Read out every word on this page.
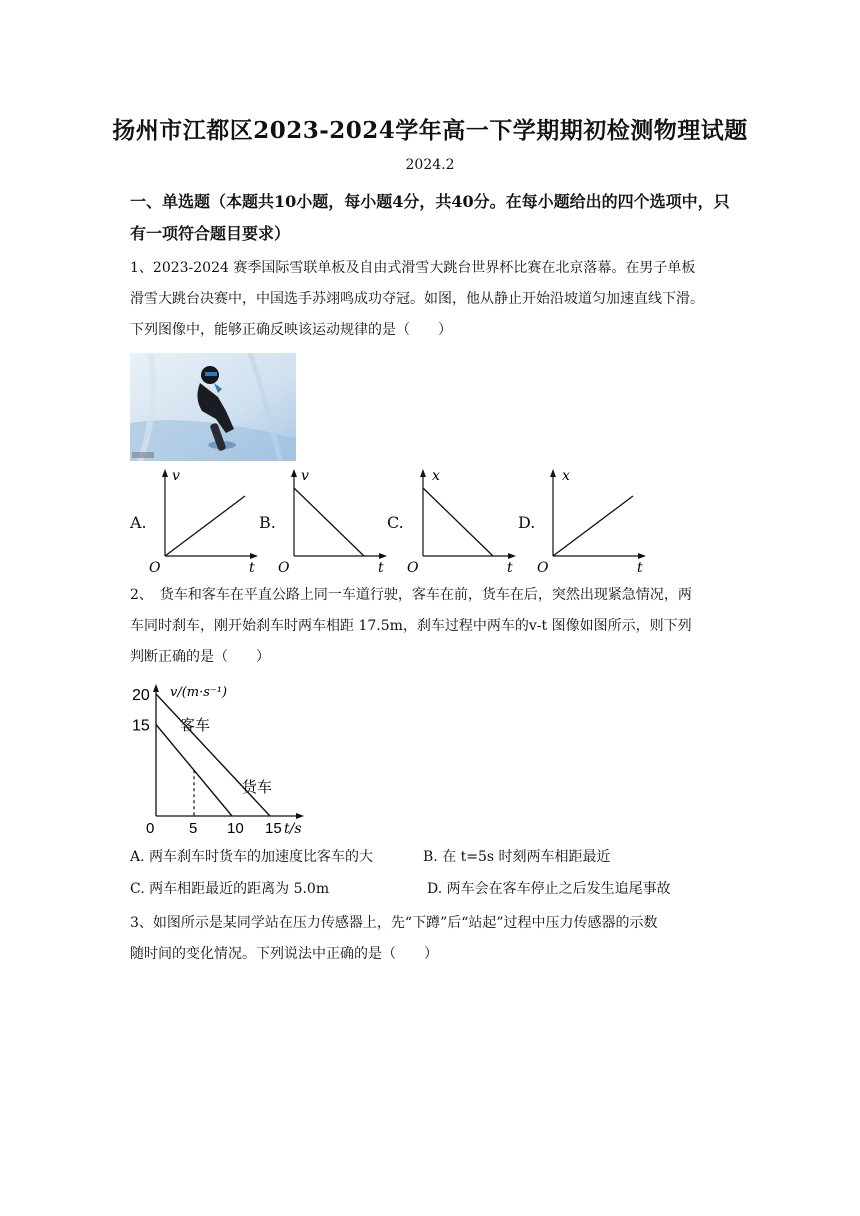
扬州市江都区2023-2024学年高一下学期期初检测物理试题
2024.2
一、单选题（本题共10小题，每小题4分，共40分。在每小题给出的四个选项中，只有一项符合题目要求）
1、2023-2024 赛季国际雪联单板及自由式滑雪大跳台世界杯比赛在北京落幕。在男子单板
滑雪大跳台决赛中，中国选手苏翊鸣成功夺冠。如图，他从静止开始沿坡道匀加速直线下滑。
下列图像中，能够正确反映该运动规律的是（　　）
A.	B.	C.	D.
v
t
O
v
t
O
x
t
O
x
t
O
2、　货车和客车在平直公路上同一车道行驶，客车在前，货车在后，突然出现紧急情况，两
车同时刹车，刚开始刹车时两车相距 17.5m，刹车过程中两车的v-t 图像如图所示，则下列
判断正确的是（　　）
20
15
0 5 10 15
客车
货车
v/(m·s⁻¹)
t/s
A. 两车刹车时货车的加速度比客车的大	B. 在 t=5s 时刻两车相距最近
C. 两车相距最近的距离为 5.0m	D. 两车会在客车停止之后发生追尾事故
3、如图所示是某同学站在压力传感器上，先“下蹲”后“站起”过程中压力传感器的示数
随时间的变化情况。下列说法中正确的是（　　）
